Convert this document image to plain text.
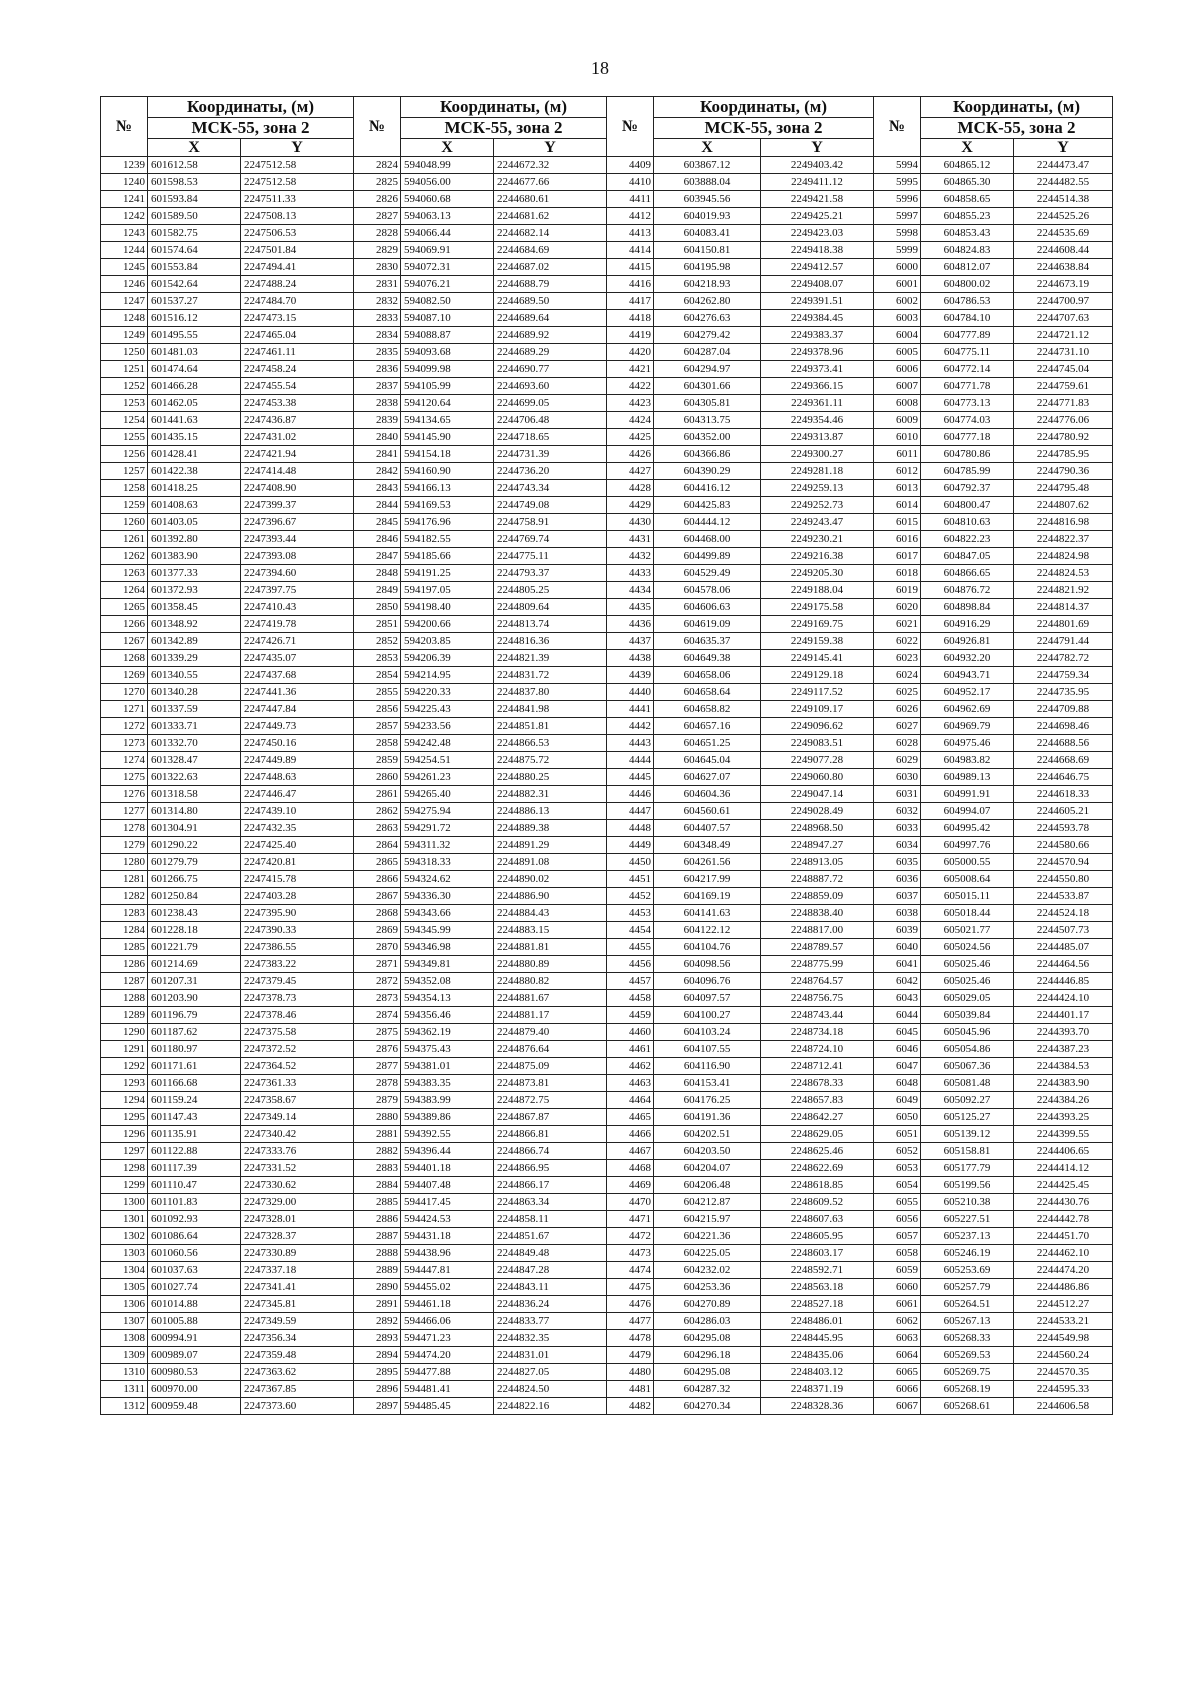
18
№	Координаты, (м)		№	Координаты, (м)		№	Координаты, (м)		№	Координаты, (м)	
	МСК-55, зона 2			МСК-55, зона 2			МСК-55, зона 2			МСК-55, зона 2	
	X	Y		X	Y		X	Y		X	Y
1239	601612.58	2247512.58	2824	594048.99	2244672.32	4409	603867.12	2249403.42	5994	604865.12	2244473.47
1240	601598.53	2247512.58	2825	594056.00	2244677.66	4410	603888.04	2249411.12	5995	604865.30	2244482.55
1241	601593.84	2247511.33	2826	594060.68	2244680.61	4411	603945.56	2249421.58	5996	604858.65	2244514.38
1242	601589.50	2247508.13	2827	594063.13	2244681.62	4412	604019.93	2249425.21	5997	604855.23	2244525.26
1243	601582.75	2247506.53	2828	594066.44	2244682.14	4413	604083.41	2249423.03	5998	604853.43	2244535.69
1244	601574.64	2247501.84	2829	594069.91	2244684.69	4414	604150.81	2249418.38	5999	604824.83	2244608.44
1245	601553.84	2247494.41	2830	594072.31	2244687.02	4415	604195.98	2249412.57	6000	604812.07	2244638.84
1246	601542.64	2247488.24	2831	594076.21	2244688.79	4416	604218.93	2249408.07	6001	604800.02	2244673.19
1247	601537.27	2247484.70	2832	594082.50	2244689.50	4417	604262.80	2249391.51	6002	604786.53	2244700.97
1248	601516.12	2247473.15	2833	594087.10	2244689.64	4418	604276.63	2249384.45	6003	604784.10	2244707.63
1249	601495.55	2247465.04	2834	594088.87	2244689.92	4419	604279.42	2249383.37	6004	604777.89	2244721.12
1250	601481.03	2247461.11	2835	594093.68	2244689.29	4420	604287.04	2249378.96	6005	604775.11	2244731.10
1251	601474.64	2247458.24	2836	594099.98	2244690.77	4421	604294.97	2249373.41	6006	604772.14	2244745.04
1252	601466.28	2247455.54	2837	594105.99	2244693.60	4422	604301.66	2249366.15	6007	604771.78	2244759.61
1253	601462.05	2247453.38	2838	594120.64	2244699.05	4423	604305.81	2249361.11	6008	604773.13	2244771.83
1254	601441.63	2247436.87	2839	594134.65	2244706.48	4424	604313.75	2249354.46	6009	604774.03	2244776.06
1255	601435.15	2247431.02	2840	594145.90	2244718.65	4425	604352.00	2249313.87	6010	604777.18	2244780.92
1256	601428.41	2247421.94	2841	594154.18	2244731.39	4426	604366.86	2249300.27	6011	604780.86	2244785.95
1257	601422.38	2247414.48	2842	594160.90	2244736.20	4427	604390.29	2249281.18	6012	604785.99	2244790.36
1258	601418.25	2247408.90	2843	594166.13	2244743.34	4428	604416.12	2249259.13	6013	604792.37	2244795.48
1259	601408.63	2247399.37	2844	594169.53	2244749.08	4429	604425.83	2249252.73	6014	604800.47	2244807.62
1260	601403.05	2247396.67	2845	594176.96	2244758.91	4430	604444.12	2249243.47	6015	604810.63	2244816.98
1261	601392.80	2247393.44	2846	594182.55	2244769.74	4431	604468.00	2249230.21	6016	604822.23	2244822.37
1262	601383.90	2247393.08	2847	594185.66	2244775.11	4432	604499.89	2249216.38	6017	604847.05	2244824.98
1263	601377.33	2247394.60	2848	594191.25	2244793.37	4433	604529.49	2249205.30	6018	604866.65	2244824.53
1264	601372.93	2247397.75	2849	594197.05	2244805.25	4434	604578.06	2249188.04	6019	604876.72	2244821.92
1265	601358.45	2247410.43	2850	594198.40	2244809.64	4435	604606.63	2249175.58	6020	604898.84	2244814.37
1266	601348.92	2247419.78	2851	594200.66	2244813.74	4436	604619.09	2249169.75	6021	604916.29	2244801.69
1267	601342.89	2247426.71	2852	594203.85	2244816.36	4437	604635.37	2249159.38	6022	604926.81	2244791.44
1268	601339.29	2247435.07	2853	594206.39	2244821.39	4438	604649.38	2249145.41	6023	604932.20	2244782.72
1269	601340.55	2247437.68	2854	594214.95	2244831.72	4439	604658.06	2249129.18	6024	604943.71	2244759.34
1270	601340.28	2247441.36	2855	594220.33	2244837.80	4440	604658.64	2249117.52	6025	604952.17	2244735.95
1271	601337.59	2247447.84	2856	594225.43	2244841.98	4441	604658.82	2249109.17	6026	604962.69	2244709.88
1272	601333.71	2247449.73	2857	594233.56	2244851.81	4442	604657.16	2249096.62	6027	604969.79	2244698.46
1273	601332.70	2247450.16	2858	594242.48	2244866.53	4443	604651.25	2249083.51	6028	604975.46	2244688.56
1274	601328.47	2247449.89	2859	594254.51	2244875.72	4444	604645.04	2249077.28	6029	604983.82	2244668.69
1275	601322.63	2247448.63	2860	594261.23	2244880.25	4445	604627.07	2249060.80	6030	604989.13	2244646.75
1276	601318.58	2247446.47	2861	594265.40	2244882.31	4446	604604.36	2249047.14	6031	604991.91	2244618.33
1277	601314.80	2247439.10	2862	594275.94	2244886.13	4447	604560.61	2249028.49	6032	604994.07	2244605.21
1278	601304.91	2247432.35	2863	594291.72	2244889.38	4448	604407.57	2248968.50	6033	604995.42	2244593.78
1279	601290.22	2247425.40	2864	594311.32	2244891.29	4449	604348.49	2248947.27	6034	604997.76	2244580.66
1280	601279.79	2247420.81	2865	594318.33	2244891.08	4450	604261.56	2248913.05	6035	605000.55	2244570.94
1281	601266.75	2247415.78	2866	594324.62	2244890.02	4451	604217.99	2248887.72	6036	605008.64	2244550.80
1282	601250.84	2247403.28	2867	594336.30	2244886.90	4452	604169.19	2248859.09	6037	605015.11	2244533.87
1283	601238.43	2247395.90	2868	594343.66	2244884.43	4453	604141.63	2248838.40	6038	605018.44	2244524.18
1284	601228.18	2247390.33	2869	594345.99	2244883.15	4454	604122.12	2248817.00	6039	605021.77	2244507.73
1285	601221.79	2247386.55	2870	594346.98	2244881.81	4455	604104.76	2248789.57	6040	605024.56	2244485.07
1286	601214.69	2247383.22	2871	594349.81	2244880.89	4456	604098.56	2248775.99	6041	605025.46	2244464.56
1287	601207.31	2247379.45	2872	594352.08	2244880.82	4457	604096.76	2248764.57	6042	605025.46	2244446.85
1288	601203.90	2247378.73	2873	594354.13	2244881.67	4458	604097.57	2248756.75	6043	605029.05	2244424.10
1289	601196.79	2247378.46	2874	594356.46	2244881.17	4459	604100.27	2248743.44	6044	605039.84	2244401.17
1290	601187.62	2247375.58	2875	594362.19	2244879.40	4460	604103.24	2248734.18	6045	605045.96	2244393.70
1291	601180.97	2247372.52	2876	594375.43	2244876.64	4461	604107.55	2248724.10	6046	605054.86	2244387.23
1292	601171.61	2247364.52	2877	594381.01	2244875.09	4462	604116.90	2248712.41	6047	605067.36	2244384.53
1293	601166.68	2247361.33	2878	594383.35	2244873.81	4463	604153.41	2248678.33	6048	605081.48	2244383.90
1294	601159.24	2247358.67	2879	594383.99	2244872.75	4464	604176.25	2248657.83	6049	605092.27	2244384.26
1295	601147.43	2247349.14	2880	594389.86	2244867.87	4465	604191.36	2248642.27	6050	605125.27	2244393.25
1296	601135.91	2247340.42	2881	594392.55	2244866.81	4466	604202.51	2248629.05	6051	605139.12	2244399.55
1297	601122.88	2247333.76	2882	594396.44	2244866.74	4467	604203.50	2248625.46	6052	605158.81	2244406.65
1298	601117.39	2247331.52	2883	594401.18	2244866.95	4468	604204.07	2248622.69	6053	605177.79	2244414.12
1299	601110.47	2247330.62	2884	594407.48	2244866.17	4469	604206.48	2248618.85	6054	605199.56	2244425.45
1300	601101.83	2247329.00	2885	594417.45	2244863.34	4470	604212.87	2248609.52	6055	605210.38	2244430.76
1301	601092.93	2247328.01	2886	594424.53	2244858.11	4471	604215.97	2248607.63	6056	605227.51	2244442.78
1302	601086.64	2247328.37	2887	594431.18	2244851.67	4472	604221.36	2248605.95	6057	605237.13	2244451.70
1303	601060.56	2247330.89	2888	594438.96	2244849.48	4473	604225.05	2248603.17	6058	605246.19	2244462.10
1304	601037.63	2247337.18	2889	594447.81	2244847.28	4474	604232.02	2248592.71	6059	605253.69	2244474.20
1305	601027.74	2247341.41	2890	594455.02	2244843.11	4475	604253.36	2248563.18	6060	605257.79	2244486.86
1306	601014.88	2247345.81	2891	594461.18	2244836.24	4476	604270.89	2248527.18	6061	605264.51	2244512.27
1307	601005.88	2247349.59	2892	594466.06	2244833.77	4477	604286.03	2248486.01	6062	605267.13	2244533.21
1308	600994.91	2247356.34	2893	594471.23	2244832.35	4478	604295.08	2248445.95	6063	605268.33	2244549.98
1309	600989.07	2247359.48	2894	594474.20	2244831.01	4479	604296.18	2248435.06	6064	605269.53	2244560.24
1310	600980.53	2247363.62	2895	594477.88	2244827.05	4480	604295.08	2248403.12	6065	605269.75	2244570.35
1311	600970.00	2247367.85	2896	594481.41	2244824.50	4481	604287.32	2248371.19	6066	605268.19	2244595.33
1312	600959.48	2247373.60	2897	594485.45	2244822.16	4482	604270.34	2248328.36	6067	605268.61	2244606.58
